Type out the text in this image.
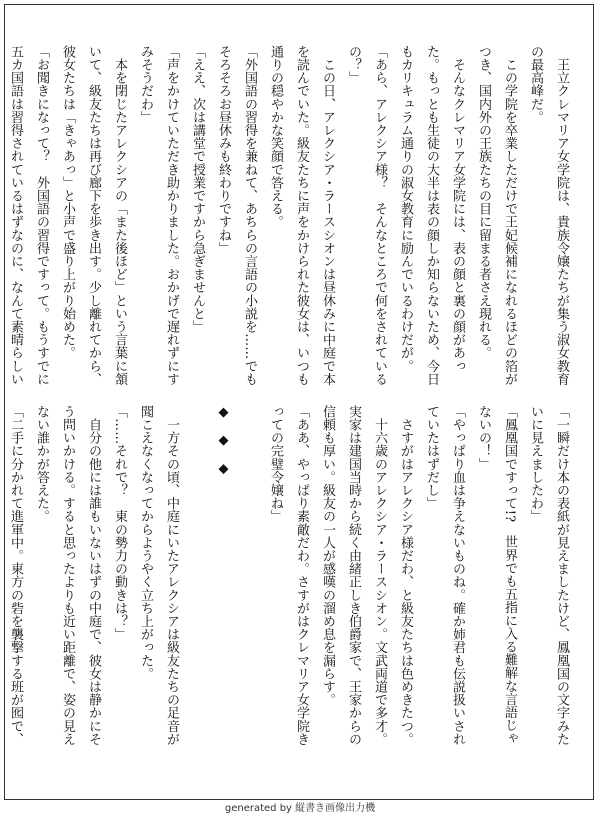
　王立クレマリア女学院は、貴族令嬢たちが集う淑女教育の最高峰だ。
　この学院を卒業しただけで王妃候補になれるほどの箔がつき、国内外の王族たちの目に留まる者さえ現れる。
　そんなクレマリア女学院には、表の顔と裏の顔があった。もっとも生徒の大半は表の顔しか知らないため、今日もカリキュラム通りの淑女教育に励んでいるわけだが。
「あら、アレクシア様？　そんなところで何をされているの？」
　この日、アレクシア・ラースシオンは昼休みに中庭で本を読んでいた。級友たちに声をかけられた彼女は、いつも通りの穏やかな笑顔で答える。
「外国語の習得を兼ねて、あちらの言語の小説を……でもそろそろお昼休みも終わりですね」
「ええ、次は講堂で授業ですから急ぎませんと」
「声をかけていただき助かりました。おかげで遅れずにすみそうだわ」
　本を閉じたアレクシアの「また後ほど」という言葉に頷いて、級友たちは再び廊下を歩き出す。少し離れてから、彼女たちは「きゃあっ」と小声で盛り上がり始めた。
「お聞きになって？　外国語の習得ですって。もうすでに五カ国語は習得されているはずなのに、なんて素晴らしい
「一瞬だけ本の表紙が見えましたけど、鳳凰国の文字みたいに見えましたわ」
「鳳凰国ですって!?　世界でも五指に入る難解な言語じゃないの！」
「やっぱり血は争えないものね。確か姉君も伝説扱いされていたはずだし」
　さすがはアレクシア様だわ、と級友たちは色めきたつ。
　十六歳のアレクシア・ラースシオン。文武両道で多才。実家は建国当時から続く由緒正しき伯爵家で、王家からの信頼も厚い。級友の一人が感嘆の溜め息を漏らす。
「ああ、やっぱり素敵だわ。さすがはクレマリア女学院きっての完璧令嬢ね」

◆　◆　◆

　一方その頃、中庭にいたアレクシアは級友たちの足音が聞こえなくなってからようやく立ち上がった。
「……それで？　東の勢力の動きは？」
　自分の他には誰もいないはずの中庭で、彼女は静かにそう問いかける。すると思ったよりも近い距離で、姿の見えない誰かが答えた。
「二手に分かれて進軍中。東方の砦を襲撃する班が囮で、
generated by 縦書き画像出力機
